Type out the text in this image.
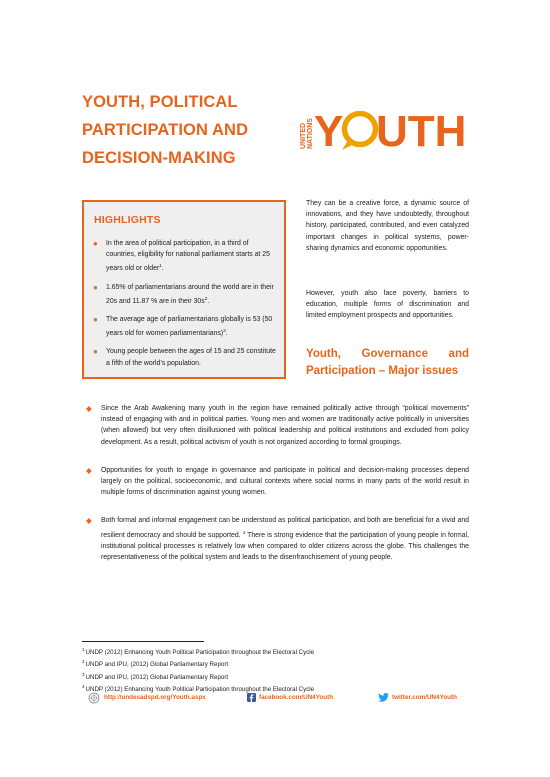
YOUTH, POLITICAL
PARTICIPATION AND
DECISION-MAKING
UNITED NATIONS Y UTH
HIGHLIGHTS
● In the area of political participation, in a third of countries, eligibility for national parliament starts at 25 years old or older$^1$.
● 1.65% of parliamentarians around the world are in their 20s and 11.87 % are in their 30s$^2$.
● The average age of parliamentarians globally is 53 (50 years old for women parliamentarians)$^3$.
● Young people between the ages of 15 and 25 constitute a fifth of the world’s population.

They can be a creative force, a dynamic source of innovations, and they have undoubtedly, throughout history, participated, contributed, and even catalyzed important changes in political systems, power-sharing dynamics and economic opportunities.

However, youth also face poverty, barriers to education, multiple forms of discrimination and limited employment prospects and opportunities.

Youth, Governance and
Participation – Major issues
◆ Since the Arab Awakening many youth in the region have remained politically active through “political movements” instead of engaging with and in political parties. Young men and women are traditionally active politically in universities (when allowed) but very often disillusioned with political leadership and political institutions and excluded from policy development. As a result, political activism of youth is not organized according to formal groupings.
◆ Opportunities for youth to engage in governance and participate in political and decision-making processes depend largely on the political, socioeconomic, and cultural contexts where social norms in many parts of the world result in multiple forms of discrimination against young women.
◆ Both formal and informal engagement can be understood as political participation, and both are beneficial for a vivid and resilient democracy and should be supported. $^4$ There is strong evidence that the participation of young people in formal, institutional political processes is relatively low when compared to older citizens across the globe. This challenges the representativeness of the political system and leads to the disenfranchisement of young people.
$^1$UNDP (2012) Enhancing Youth Political Participation throughout the Electoral Cycle
$^2$UNDP and IPU, (2012) Global Parliamentary Report
$^3$UNDP and IPU, (2012) Global Parliamentary Report
$^4$UNDP (2012) Enhancing Youth Political Participation throughout the Electoral Cycle
http://undesadspd.org/Youth.aspx	facebook.com/UN4Youth	twitter.com/UN4Youth
